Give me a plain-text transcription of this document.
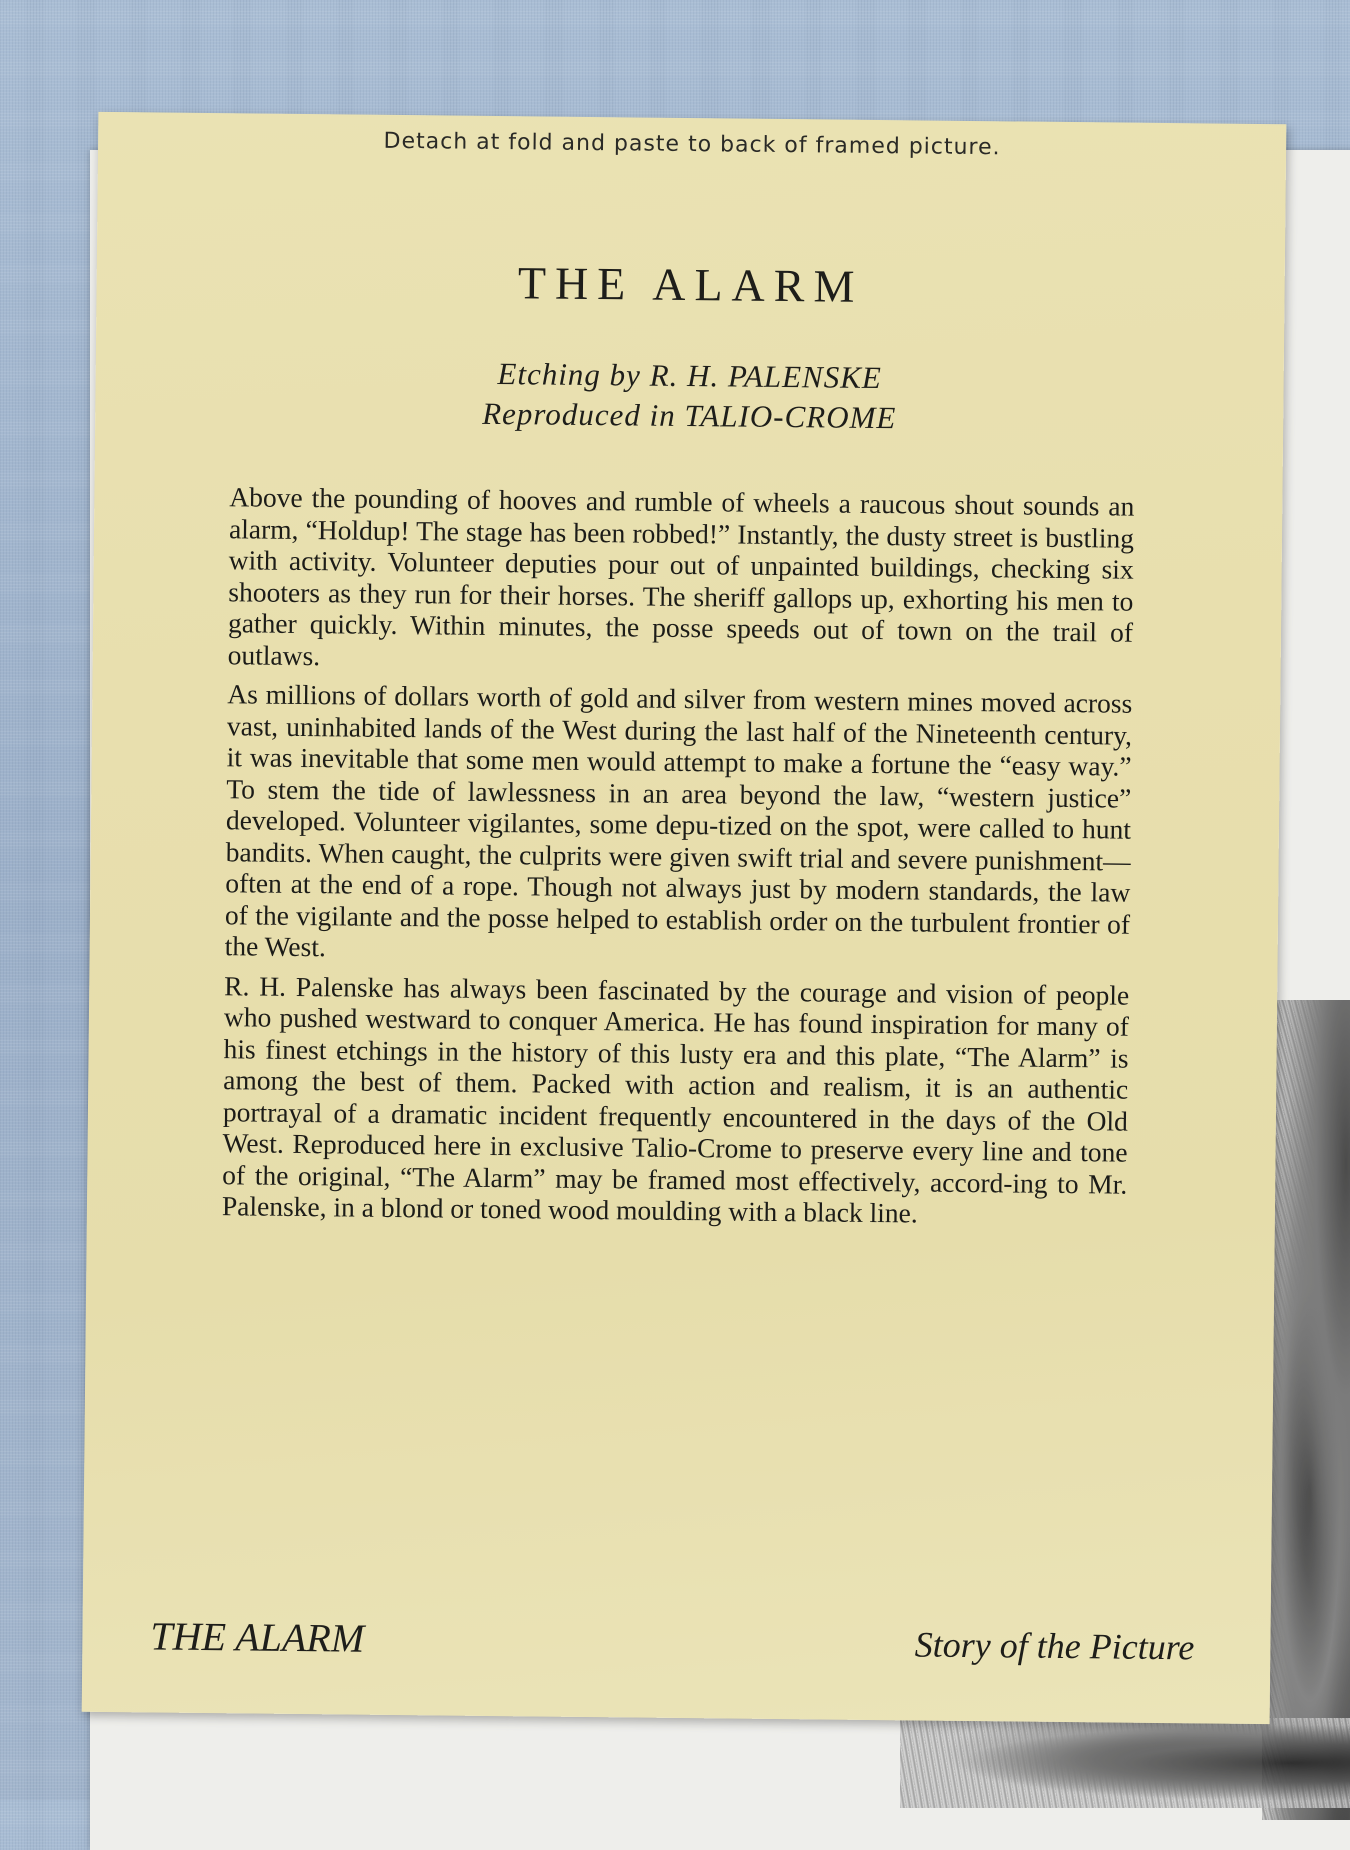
Detach at fold and paste to back of framed picture.
THE ALARM
Etching by R. H. PALENSKE
Reproduced in TALIO-CROME

Above the pounding of hooves and rumble of wheels a raucous shout sounds an alarm, “Holdup! The stage has been robbed!” Instantly, the dusty street is bustling with activity. Volunteer deputies pour out of unpainted buildings, checking six shooters as they run for their horses. The sheriff gallops up, exhorting his men to gather quickly. Within minutes, the posse speeds out of town on the trail of outlaws.

As millions of dollars worth of gold and silver from western mines moved across vast, uninhabited lands of the West during the last half of the Nineteenth century, it was inevitable that some men would attempt to make a fortune the “easy way.” To stem the tide of lawlessness in an area beyond the law, “western justice” developed. Volunteer vigilantes, some depu-tized on the spot, were called to hunt bandits. When caught, the culprits were given swift trial and severe punishment—often at the end of a rope. Though not always just by modern standards, the law of the vigilante and the posse helped to establish order on the turbulent frontier of the West.

R. H. Palenske has always been fascinated by the courage and vision of people who pushed westward to conquer America. He has found inspiration for many of his finest etchings in the history of this lusty era and this plate, “The Alarm” is among the best of them. Packed with action and realism, it is an authentic portrayal of a dramatic incident frequently encountered in the days of the Old West. Reproduced here in exclusive Talio-Crome to preserve every line and tone of the original, “The Alarm” may be framed most effectively, accord-ing to Mr. Palenske, in a blond or toned wood moulding with a black line.

THE ALARM	Story of the Picture
